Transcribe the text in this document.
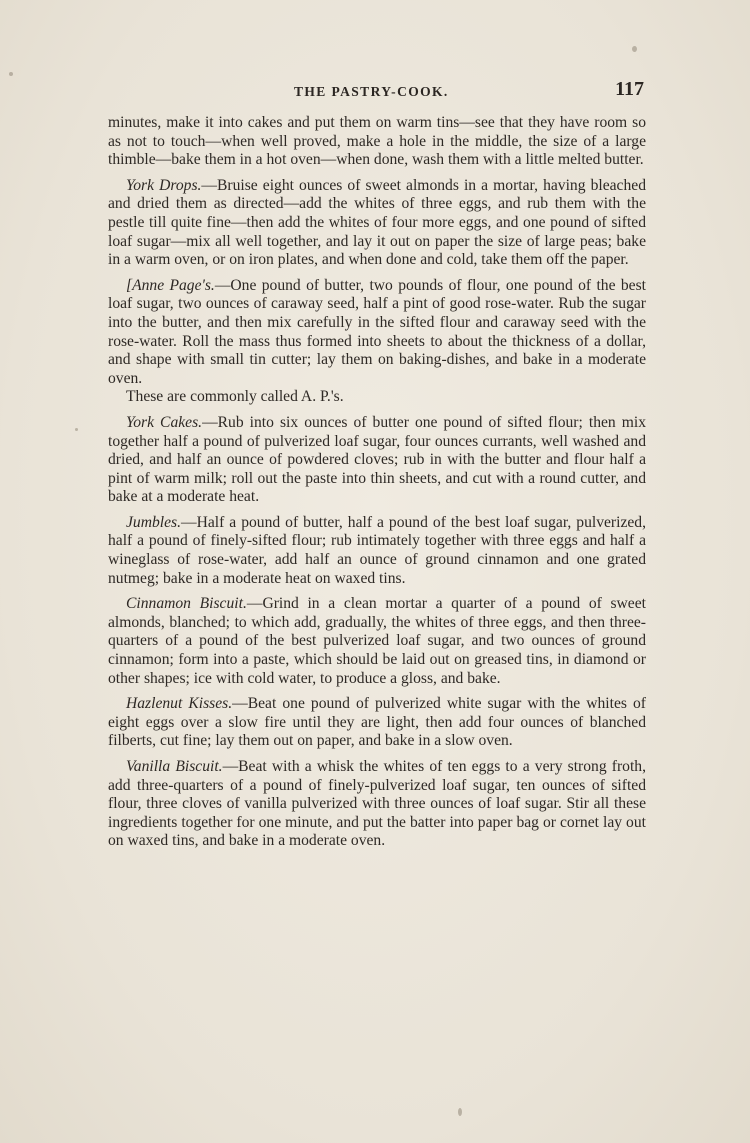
THE PASTRY-COOK.	117

minutes, make it into cakes and put them on warm tins—see that they have room so as not to touch—when well proved, make a hole in the middle, the size of a large thimble—bake them in a hot oven—when done, wash them with a little melted butter.

York Drops.—Bruise eight ounces of sweet almonds in a mortar, having bleached and dried them as directed—add the whites of three eggs, and rub them with the pestle till quite fine—then add the whites of four more eggs, and one pound of sifted loaf sugar—mix all well together, and lay it out on paper the size of large peas; bake in a warm oven, or on iron plates, and when done and cold, take them off the paper.

[Anne Page's.—One pound of butter, two pounds of flour, one pound of the best loaf sugar, two ounces of caraway seed, half a pint of good rose-water. Rub the sugar into the butter, and then mix carefully in the sifted flour and caraway seed with the rose-water. Roll the mass thus formed into sheets to about the thickness of a dollar, and shape with small tin cutter; lay them on baking-dishes, and bake in a moderate oven.

These are commonly called A. P.'s.

York Cakes.—Rub into six ounces of butter one pound of sifted flour; then mix together half a pound of pulverized loaf sugar, four ounces currants, well washed and dried, and half an ounce of powdered cloves; rub in with the butter and flour half a pint of warm milk; roll out the paste into thin sheets, and cut with a round cutter, and bake at a moderate heat.

Jumbles.—Half a pound of butter, half a pound of the best loaf sugar, pulverized, half a pound of finely-sifted flour; rub intimately together with three eggs and half a wineglass of rose-water, add half an ounce of ground cinnamon and one grated nutmeg; bake in a moderate heat on waxed tins.

Cinnamon Biscuit.—Grind in a clean mortar a quarter of a pound of sweet almonds, blanched; to which add, gradually, the whites of three eggs, and then three-quarters of a pound of the best pulverized loaf sugar, and two ounces of ground cinnamon; form into a paste, which should be laid out on greased tins, in diamond or other shapes; ice with cold water, to produce a gloss, and bake.

Hazlenut Kisses.—Beat one pound of pulverized white sugar with the whites of eight eggs over a slow fire until they are light, then add four ounces of blanched filberts, cut fine; lay them out on paper, and bake in a slow oven.

Vanilla Biscuit.—Beat with a whisk the whites of ten eggs to a very strong froth, add three-quarters of a pound of finely-pulverized loaf sugar, ten ounces of sifted flour, three cloves of vanilla pulverized with three ounces of loaf sugar. Stir all these ingredients together for one minute, and put the batter into paper bag or cornet lay out on waxed tins, and bake in a moderate oven.
